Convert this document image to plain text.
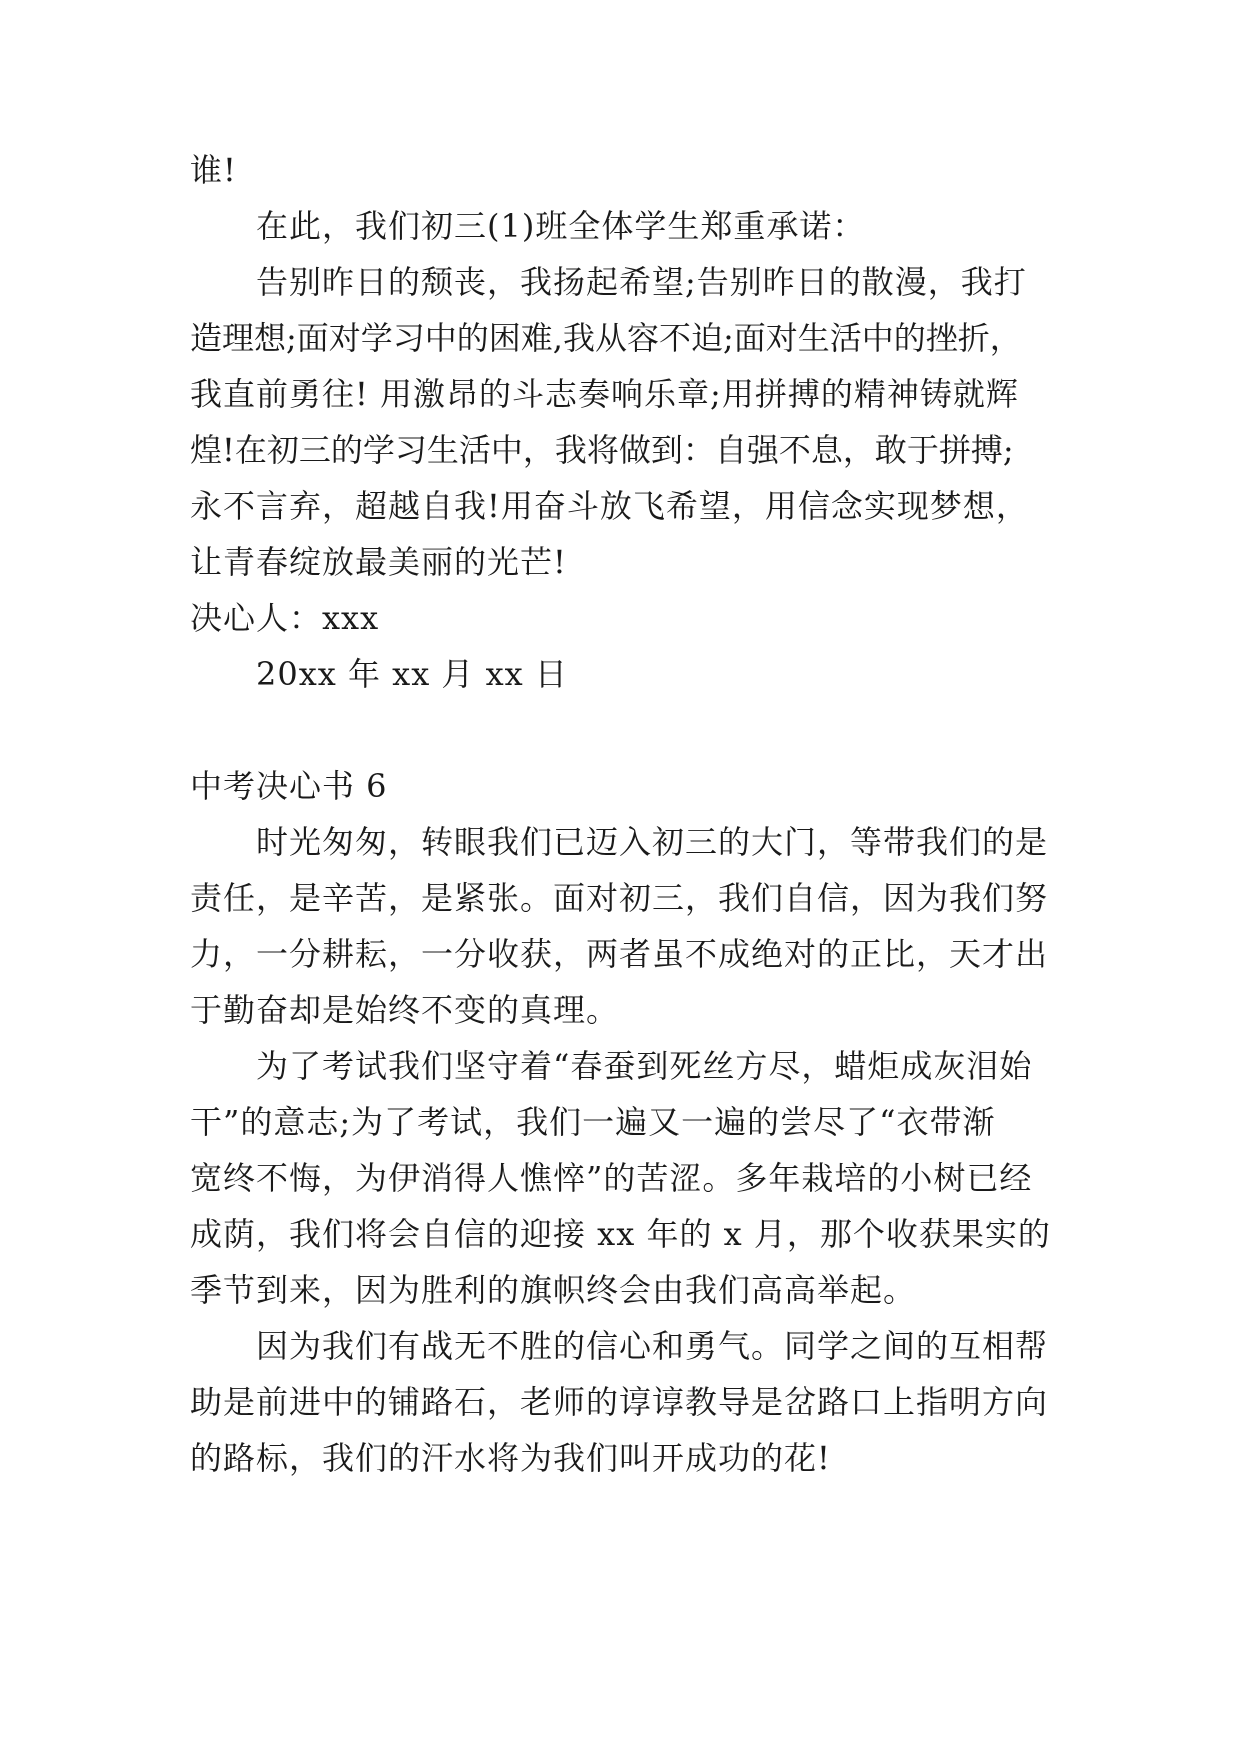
谁!
在此，我们初三(1)班全体学生郑重承诺：
告别昨日的颓丧，我扬起希望;告别昨日的散漫，我打
造理想;面对学习中的困难,我从容不迫;面对生活中的挫折，
我直前勇往! 用激昂的斗志奏响乐章;用拼搏的精神铸就辉
煌!在初三的学习生活中，我将做到：自强不息，敢于拼搏;
永不言弃，超越自我!用奋斗放飞希望，用信念实现梦想，
让青春绽放最美丽的光芒!
决心人：xxx
20xx 年 xx 月 xx 日
中考决心书 6
时光匆匆，转眼我们已迈入初三的大门，等带我们的是
责任，是辛苦，是紧张。面对初三，我们自信，因为我们努
力，一分耕耘，一分收获，两者虽不成绝对的正比，天才出
于勤奋却是始终不变的真理。
为了考试我们坚守着“春蚕到死丝方尽，蜡炬成灰泪始
干”的意志;为了考试，我们一遍又一遍的尝尽了“衣带渐
宽终不悔，为伊消得人憔悴”的苦涩。多年栽培的小树已经
成荫，我们将会自信的迎接 xx 年的 x 月，那个收获果实的
季节到来，因为胜利的旗帜终会由我们高高举起。
因为我们有战无不胜的信心和勇气。同学之间的互相帮
助是前进中的铺路石，老师的谆谆教导是岔路口上指明方向
的路标，我们的汗水将为我们叫开成功的花!
